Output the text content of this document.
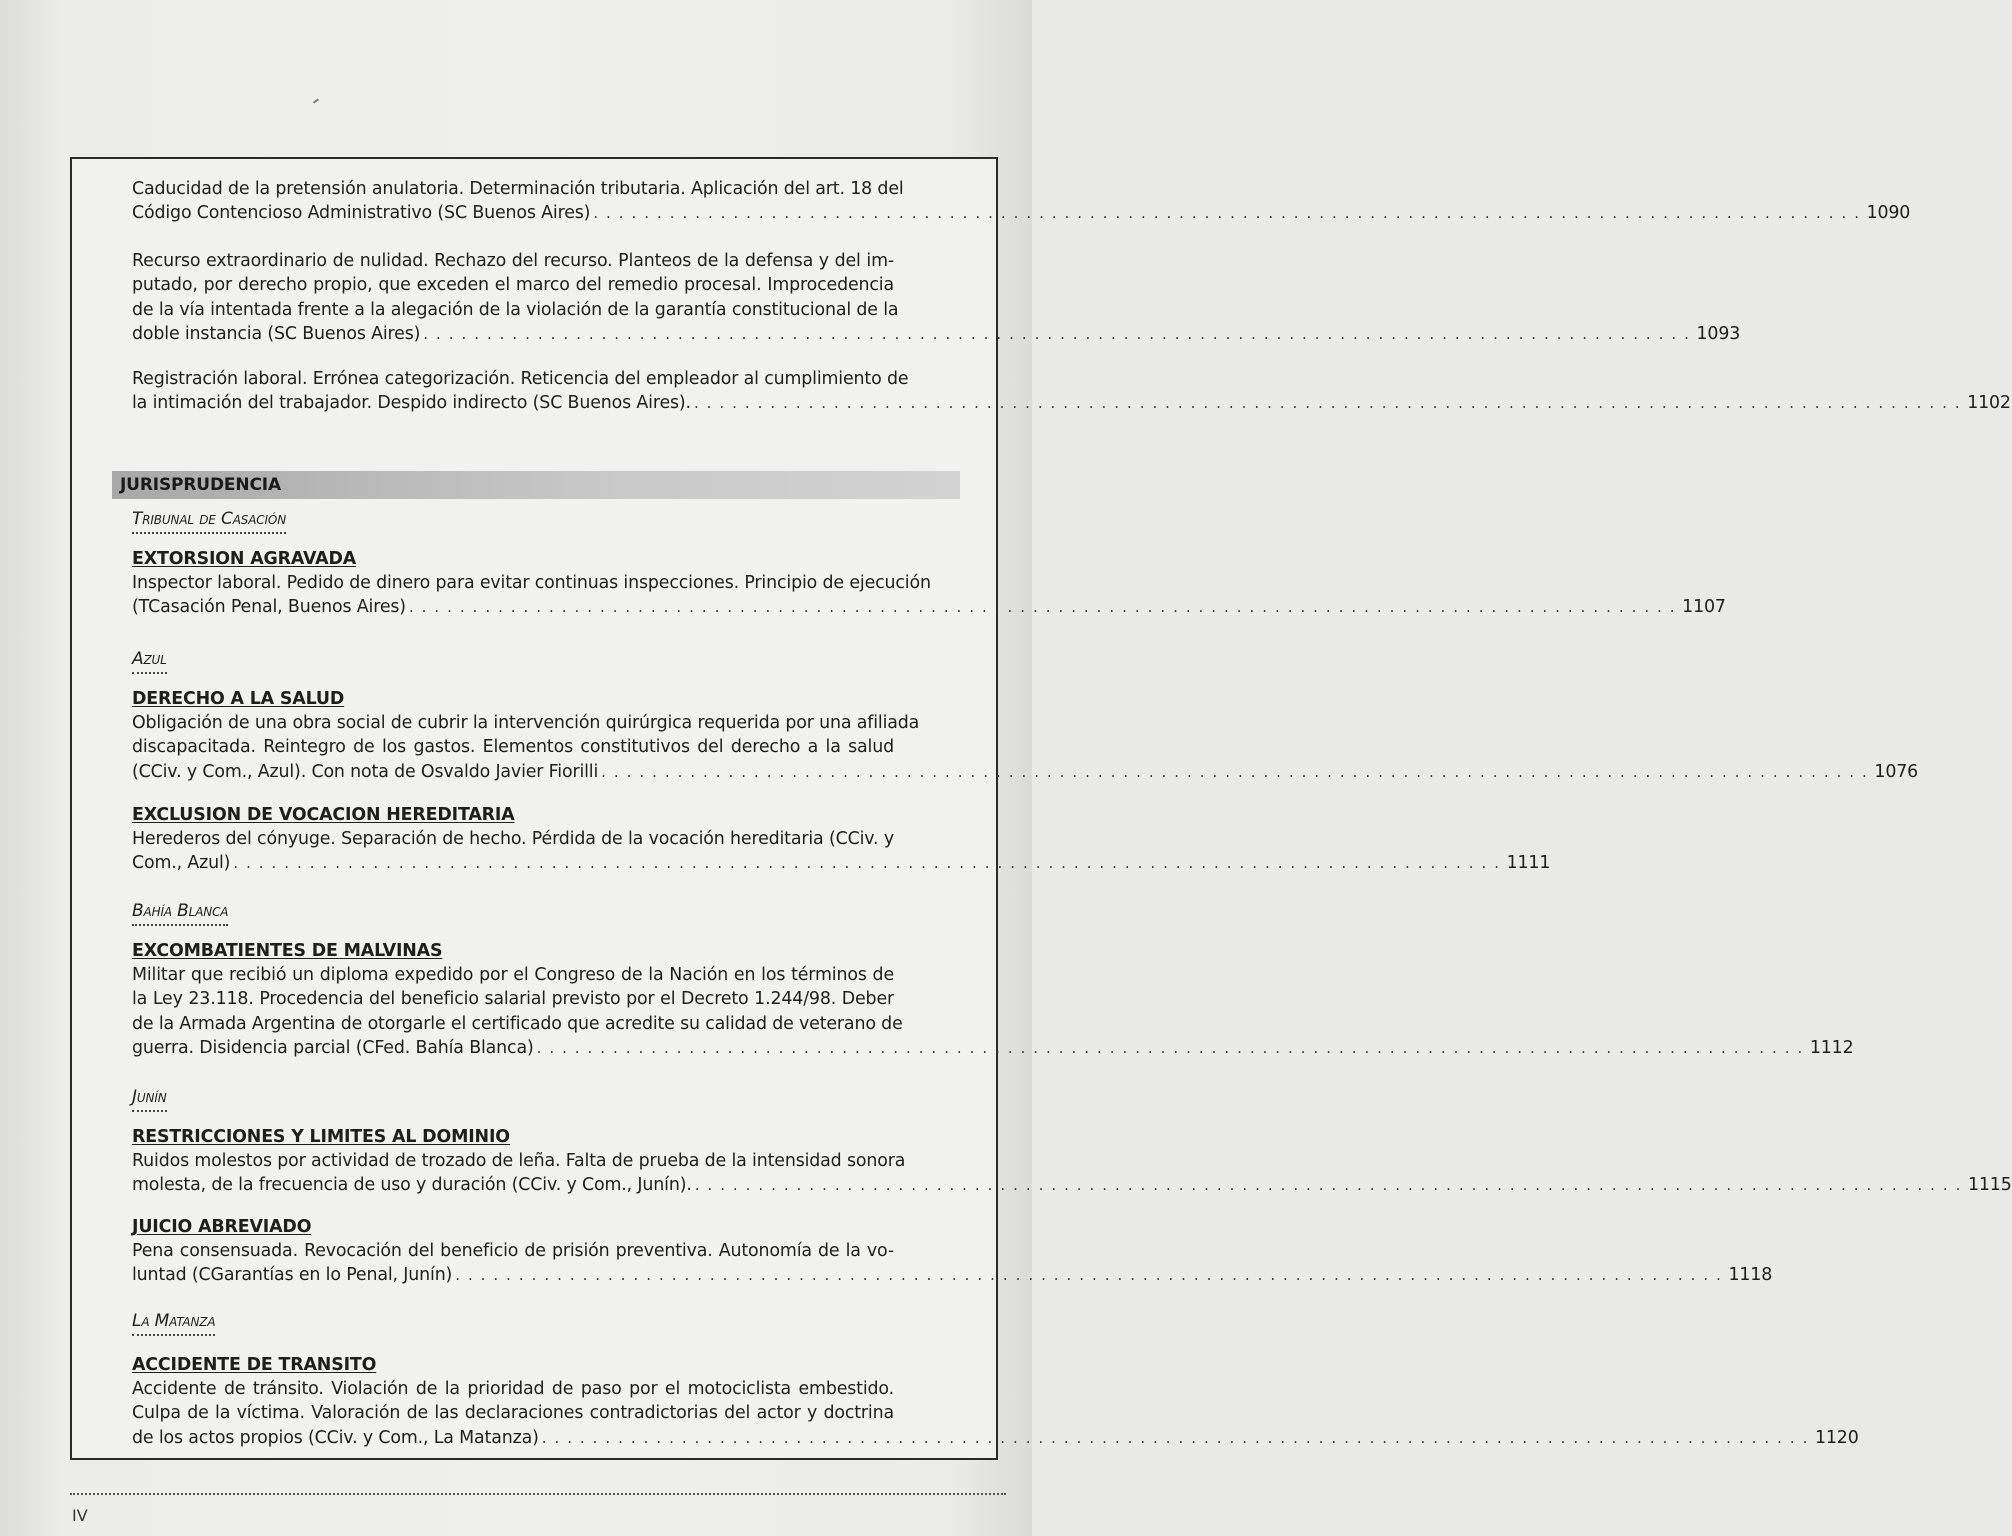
Caducidad de la pretensión anulatoria. Determinación tributaria. Aplicación del art. 18 del
Código Contencioso Administrativo (SC Buenos Aires) . . . . . . . . . . . . . . . . . . . . . . . . . . . . . . . . . . . . . . . . . . . . . . . . . . . . . . . . . . . . . . . . . . . . . . . . . . . . . . . . . . . . . . . . . . . . . . . . . . . . 1090
Recurso extraordinario de nulidad. Rechazo del recurso. Planteos de la defensa y del im-
putado, por derecho propio, que exceden el marco del remedio procesal. Improcedencia
de la vía intentada frente a la alegación de la violación de la garantía constitucional de la
doble instancia (SC Buenos Aires) . . . . . . . . . . . . . . . . . . . . . . . . . . . . . . . . . . . . . . . . . . . . . . . . . . . . . . . . . . . . . . . . . . . . . . . . . . . . . . . . . . . . . . . . . . . . . . . . . . . . 1093
Registración laboral. Errónea categorización. Reticencia del empleador al cumplimiento de
la intimación del trabajador. Despido indirecto (SC Buenos Aires). . . . . . . . . . . . . . . . . . . . . . . . . . . . . . . . . . . . . . . . . . . . . . . . . . . . . . . . . . . . . . . . . . . . . . . . . . . . . . . . . . . . . . . . . . . . . . . . . . . . . 1102
JURISPRUDENCIA
Tribunal de Casación
EXTORSION AGRAVADA
Inspector laboral. Pedido de dinero para evitar continuas inspecciones. Principio de ejecución
(TCasación Penal, Buenos Aires) . . . . . . . . . . . . . . . . . . . . . . . . . . . . . . . . . . . . . . . . . . . . . . . . . . . . . . . . . . . . . . . . . . . . . . . . . . . . . . . . . . . . . . . . . . . . . . . . . . . . 1107
Azul
DERECHO A LA SALUD
Obligación de una obra social de cubrir la intervención quirúrgica requerida por una afiliada
discapacitada. Reintegro de los gastos. Elementos constitutivos del derecho a la salud
(CCiv. y Com., Azul). Con nota de Osvaldo Javier Fiorilli . . . . . . . . . . . . . . . . . . . . . . . . . . . . . . . . . . . . . . . . . . . . . . . . . . . . . . . . . . . . . . . . . . . . . . . . . . . . . . . . . . . . . . . . . . . . . . . . . . . . 1076
EXCLUSION DE VOCACION HEREDITARIA
Herederos del cónyuge. Separación de hecho. Pérdida de la vocación hereditaria (CCiv. y
Com., Azul) . . . . . . . . . . . . . . . . . . . . . . . . . . . . . . . . . . . . . . . . . . . . . . . . . . . . . . . . . . . . . . . . . . . . . . . . . . . . . . . . . . . . . . . . . . . . . . . . . . . . 1111
Bahía Blanca
EXCOMBATIENTES DE MALVINAS
Militar que recibió un diploma expedido por el Congreso de la Nación en los términos de
la Ley 23.118. Procedencia del beneficio salarial previsto por el Decreto 1.244/98. Deber
de la Armada Argentina de otorgarle el certificado que acredite su calidad de veterano de
guerra. Disidencia parcial (CFed. Bahía Blanca) . . . . . . . . . . . . . . . . . . . . . . . . . . . . . . . . . . . . . . . . . . . . . . . . . . . . . . . . . . . . . . . . . . . . . . . . . . . . . . . . . . . . . . . . . . . . . . . . . . . . 1112
Junín
RESTRICCIONES Y LIMITES AL DOMINIO
Ruidos molestos por actividad de trozado de leña. Falta de prueba de la intensidad sonora
molesta, de la frecuencia de uso y duración (CCiv. y Com., Junín). . . . . . . . . . . . . . . . . . . . . . . . . . . . . . . . . . . . . . . . . . . . . . . . . . . . . . . . . . . . . . . . . . . . . . . . . . . . . . . . . . . . . . . . . . . . . . . . . . . . . 1115
JUICIO ABREVIADO
Pena consensuada. Revocación del beneficio de prisión preventiva. Autonomía de la vo-
luntad (CGarantías en lo Penal, Junín) . . . . . . . . . . . . . . . . . . . . . . . . . . . . . . . . . . . . . . . . . . . . . . . . . . . . . . . . . . . . . . . . . . . . . . . . . . . . . . . . . . . . . . . . . . . . . . . . . . . . 1118
La Matanza
ACCIDENTE DE TRANSITO
Accidente de tránsito. Violación de la prioridad de paso por el motociclista embestido.
Culpa de la víctima. Valoración de las declaraciones contradictorias del actor y doctrina
de los actos propios (CCiv. y Com., La Matanza) . . . . . . . . . . . . . . . . . . . . . . . . . . . . . . . . . . . . . . . . . . . . . . . . . . . . . . . . . . . . . . . . . . . . . . . . . . . . . . . . . . . . . . . . . . . . . . . . . . . . 1120
IV
